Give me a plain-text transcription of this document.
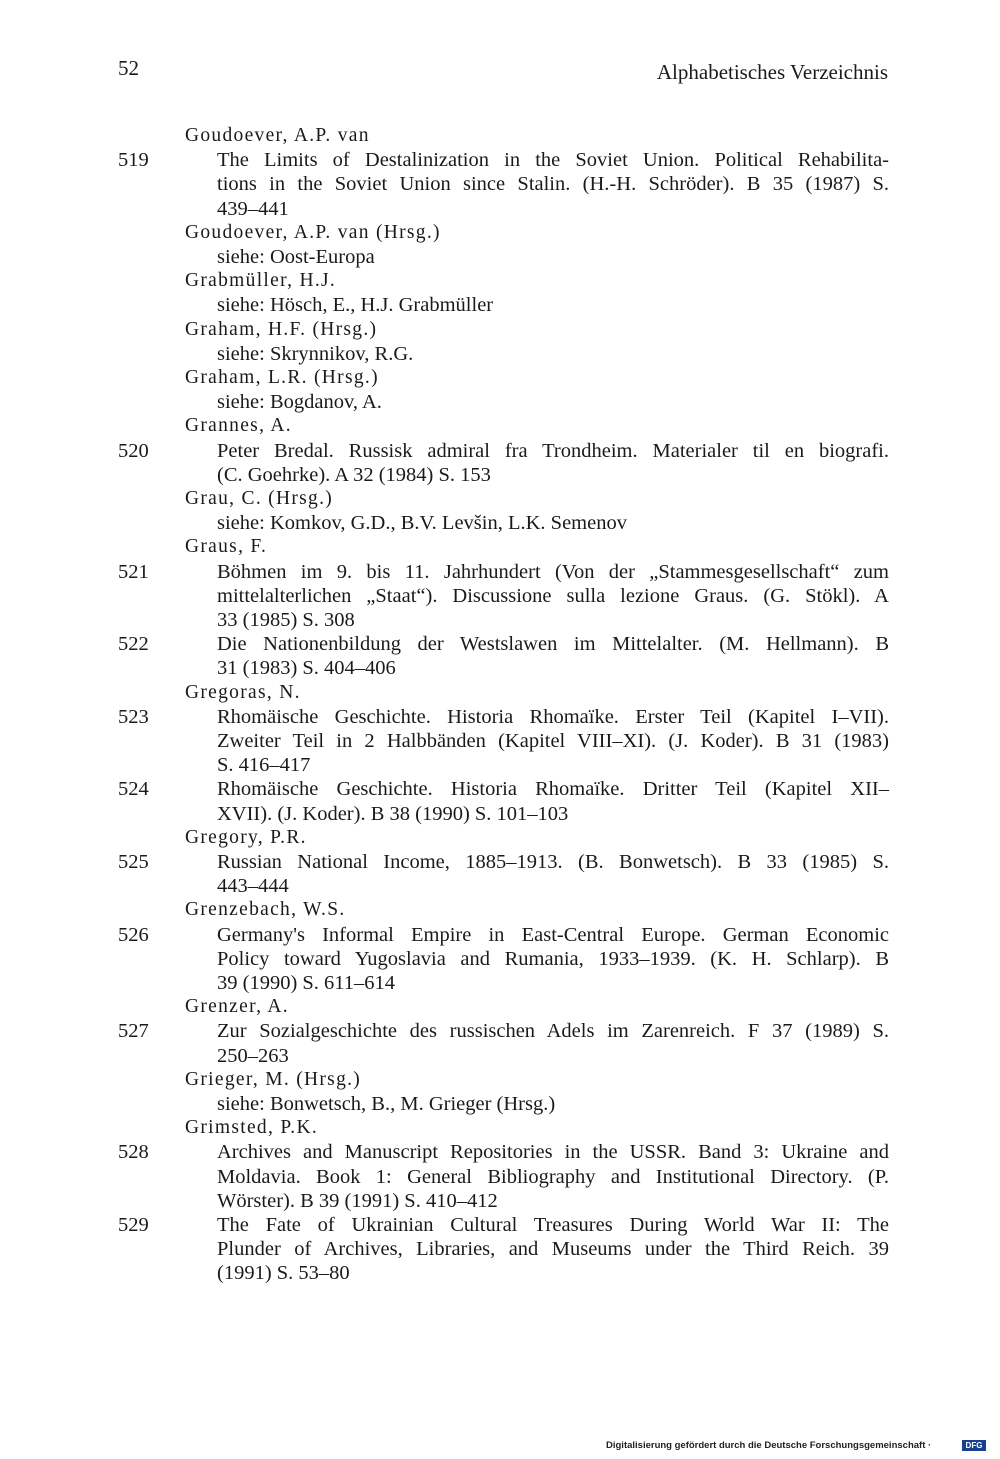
52	Alphabetisches Verzeichnis
Goudoever, A.P. van
519	The Limits of Destalinization in the Soviet Union. Political Rehabilita-
tions in the Soviet Union since Stalin. (H.-H. Schröder). B 35 (1987) S.
439–441
Goudoever, A.P. van (Hrsg.)
siehe: Oost-Europa
Grabmüller, H.J.
siehe: Hösch, E., H.J. Grabmüller
Graham, H.F. (Hrsg.)
siehe: Skrynnikov, R.G.
Graham, L.R. (Hrsg.)
siehe: Bogdanov, A.
Grannes, A.
520	Peter Bredal. Russisk admiral fra Trondheim. Materialer til en biografi.
(C. Goehrke). A 32 (1984) S. 153
Grau, C. (Hrsg.)
siehe: Komkov, G.D., B.V. Levšin, L.K. Semenov
Graus, F.
521	Böhmen im 9. bis 11. Jahrhundert (Von der „Stammesgesellschaft“ zum
mittelalterlichen „Staat“). Discussione sulla lezione Graus. (G. Stökl). A
33 (1985) S. 308
522	Die Nationenbildung der Westslawen im Mittelalter. (M. Hellmann). B
31 (1983) S. 404–406
Gregoras, N.
523	Rhomäische Geschichte. Historia Rhomaïke. Erster Teil (Kapitel I–VII).
Zweiter Teil in 2 Halbbänden (Kapitel VIII–XI). (J. Koder). B 31 (1983)
S. 416–417
524	Rhomäische Geschichte. Historia Rhomaïke. Dritter Teil (Kapitel XII–
XVII). (J. Koder). B 38 (1990) S. 101–103
Gregory, P.R.
525	Russian National Income, 1885–1913. (B. Bonwetsch). B 33 (1985) S.
443–444
Grenzebach, W.S.
526	Germany's Informal Empire in East-Central Europe. German Economic
Policy toward Yugoslavia and Rumania, 1933–1939. (K. H. Schlarp). B
39 (1990) S. 611–614
Grenzer, A.
527	Zur Sozialgeschichte des russischen Adels im Zarenreich. F 37 (1989) S.
250–263
Grieger, M. (Hrsg.)
siehe: Bonwetsch, B., M. Grieger (Hrsg.)
Grimsted, P.K.
528	Archives and Manuscript Repositories in the USSR. Band 3: Ukraine and
Moldavia. Book 1: General Bibliography and Institutional Directory. (P.
Wörster). B 39 (1991) S. 410–412
529	The Fate of Ukrainian Cultural Treasures During World War II: The
Plunder of Archives, Libraries, and Museums under the Third Reich. 39
(1991) S. 53–80
Digitalisierung gefördert durch die Deutsche Forschungsgemeinschaft ·	DFG
